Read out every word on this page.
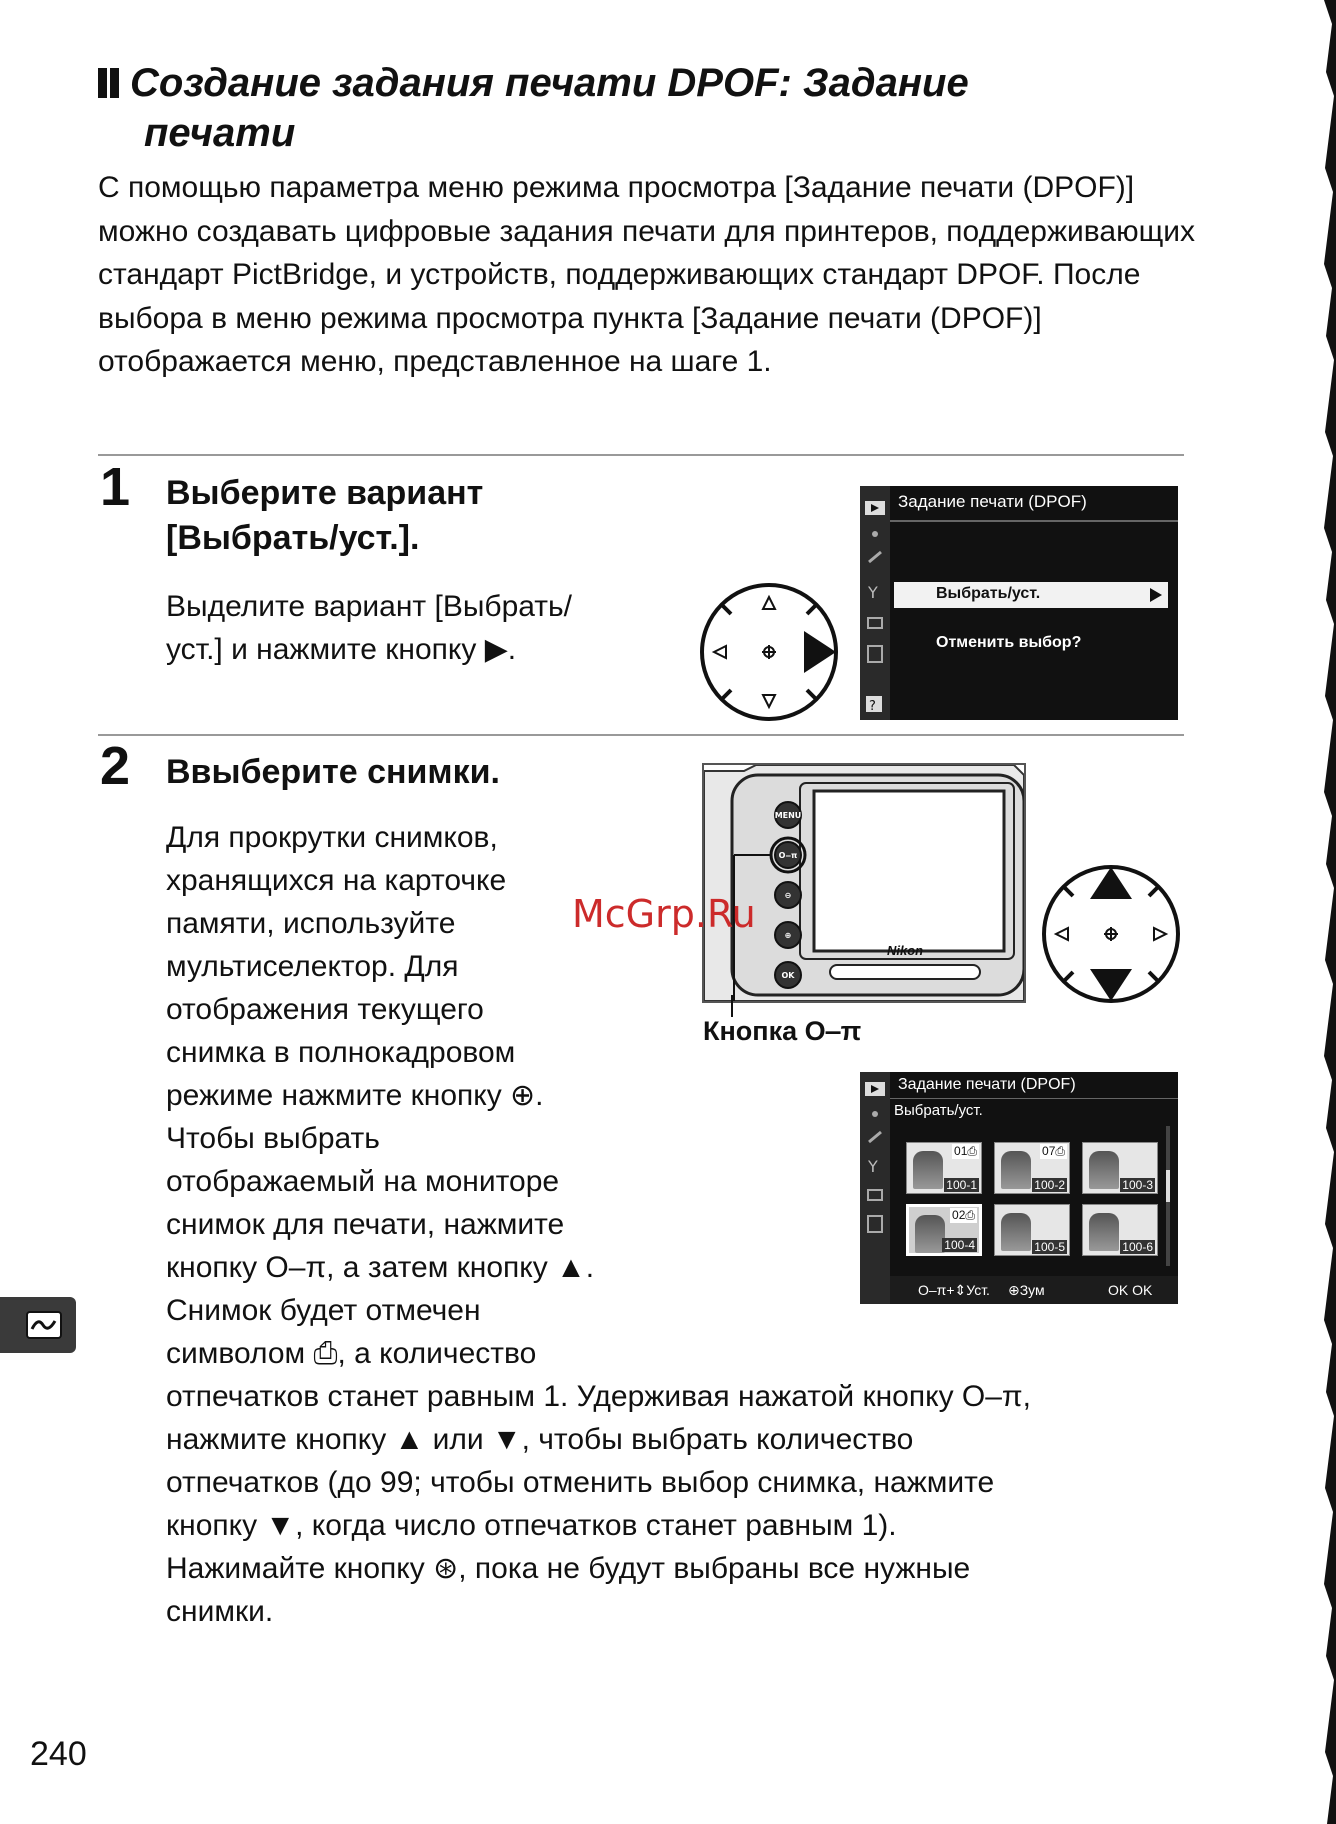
Создание задания печати DPOF: Задание
печати
С помощью параметра меню режима просмотра [Задание печати (DPOF)] можно создавать цифровые задания печати для принтеров, поддерживающих стандарт PictBridge, и устройств, поддерживающих стандарт DPOF. После выбора в меню режима просмотра пункта [Задание печати (DPOF)] отображается меню, представленное на шаге 1.
1 Выберите вариант
[Выбрать/уст.].
Выделите вариант [Выбрать/
уст.] и нажмите кнопку ▶.
Y
?
Задание печати (DPOF)
Выбрать/уст.
Отменить выбор?
2 Ввыберите снимки.
Для прокрутки снимков,
хранящихся на карточке
памяти, используйте
мультиселектор. Для
отображения текущего
снимка в полнокадровом
режиме нажмите кнопку ⊕.
Чтобы выбрать
отображаемый на мониторе
снимок для печати, нажмите
кнопку O‒π, а затем кнопку ▲.
Снимок будет отмечен
символом ⎙, а количество
отпечатков станет равным 1. Удерживая нажатой кнопку O‒π,
нажмите кнопку ▲ или ▼, чтобы выбрать количество
отпечатков (до 99; чтобы отменить выбор снимка, нажмите
кнопку ▼, когда число отпечатков станет равным 1).
Нажимайте кнопку ⊛, пока не будут выбраны все нужные
снимки.
Nikon
MENU
O‒π
⊖
⊕
OK
Кнопка O‒π
McGrp.Ru
Y
Задание печати (DPOF)
Выбрать/уст.
100-1
01⎙
100-2
07⎙
100-3
100-4
02⎙
100-5	100-6
O‒π+⇕Уст. ⊕Зум	OK OK
240
